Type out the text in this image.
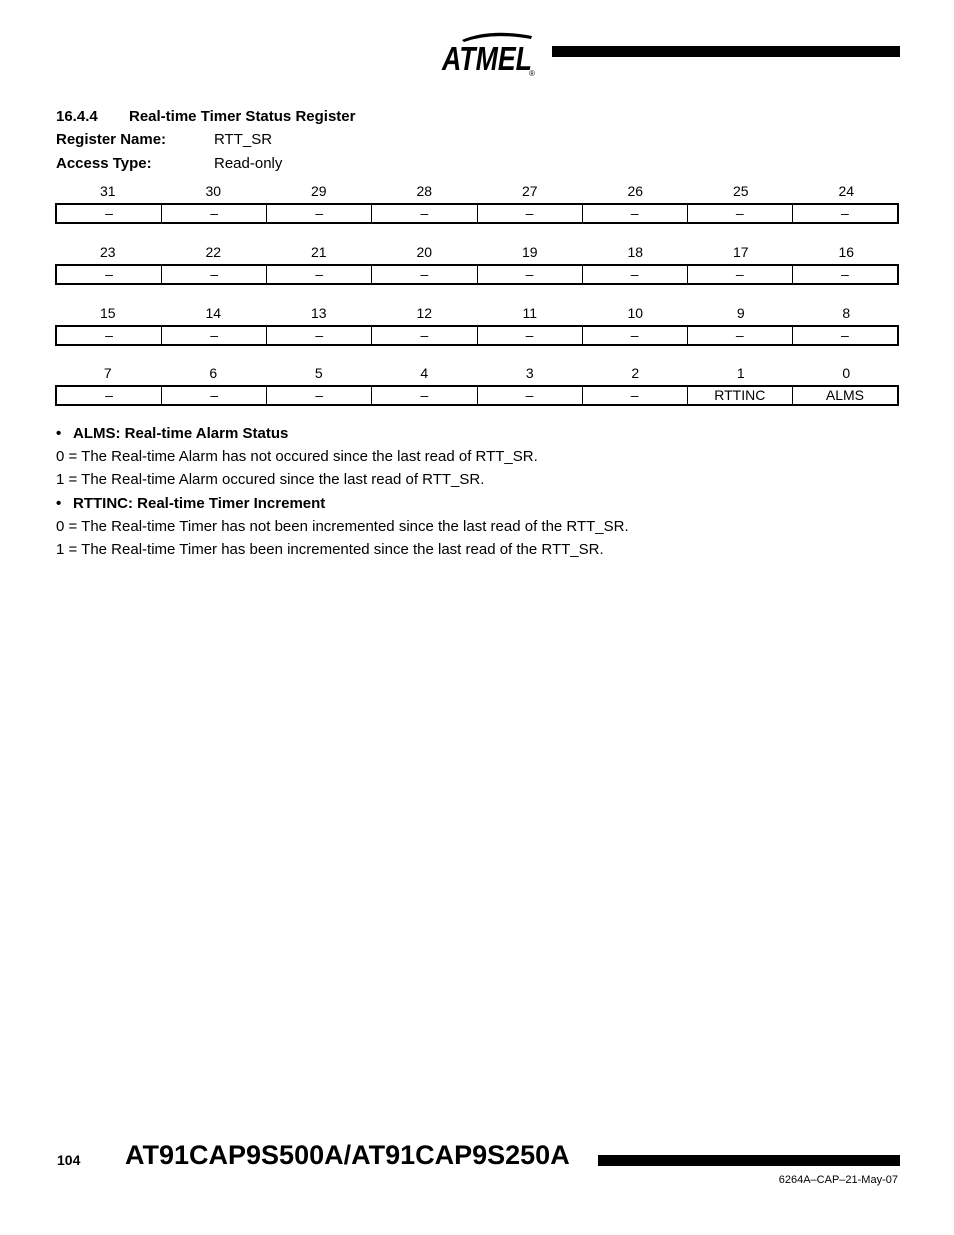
ATMEL
®
16.4.4 Real-time Timer Status Register
Register Name:	RTT_SR
Access Type:	Read-only
31	30	29	28	27	26	25	24
–	–	–	–	–	–	–	–
23	22	21	20	19	18	17	16
–	–	–	–	–	–	–	–
15	14	13	12	11	10	9	8
–	–	–	–	–	–	–	–
7	6	5	4	3	2	1	0
–	–	–	–	–	–	RTTINC	ALMS
• ALMS: Real-time Alarm Status
0 = The Real-time Alarm has not occured since the last read of RTT_SR.
1 = The Real-time Alarm occured since the last read of RTT_SR.
• RTTINC: Real-time Timer Increment
0 = The Real-time Timer has not been incremented since the last read of the RTT_SR.
1 = The Real-time Timer has been incremented since the last read of the RTT_SR.
104 AT91CAP9S500A/AT91CAP9S250A
6264A–CAP–21-May-07
